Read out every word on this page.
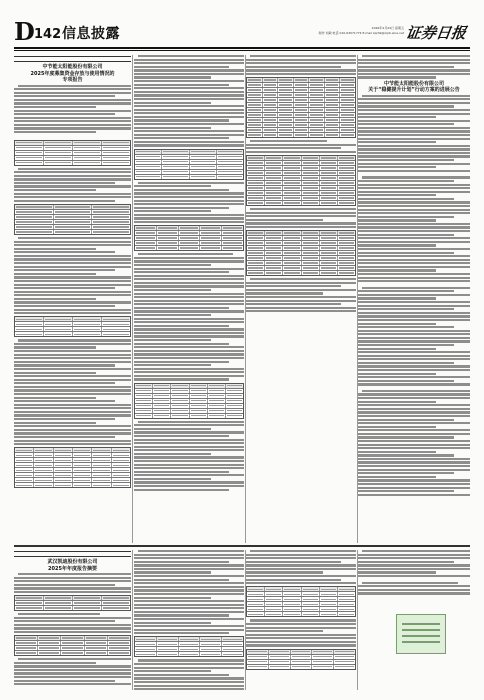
D 142 信息披露	2026年4月24日 星期五
制作 刘敏 电话 010-63071774 E-mail zqrb9@zqrb.sina.net 证券日报
中节能太阳能股份有限公司
2025年度募集资金存放与使用情况的
专项报告
中节能太阳能股份有限公司
关于“稳健提升计划”行动方案的进展公告
武汉凯迪股份有限公司
2025年年度报告摘要
